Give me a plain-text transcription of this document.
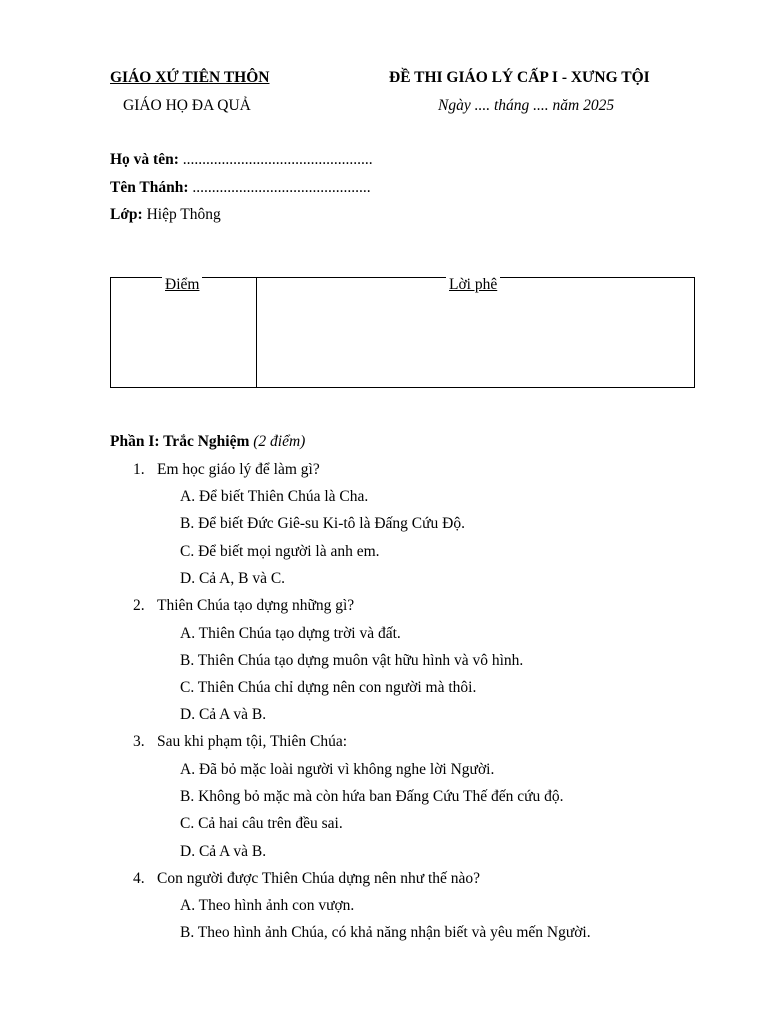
GIÁO XỨ TIÊN THÔN
GIÁO HỌ ĐA QUẢ
ĐỀ THI GIÁO LÝ CẤP I - XƯNG TỘI
Ngày .... tháng .... năm 2025
Họ và tên: .................................................
Tên Thánh: ..............................................
Lớp: Hiệp Thông
Điểm	Lời phê
Phần I: Trắc Nghiệm (2 điểm)
1. Em học giáo lý để làm gì?
A. Để biết Thiên Chúa là Cha.
B. Để biết Đức Giê-su Ki-tô là Đấng Cứu Độ.
C. Để biết mọi người là anh em.
D. Cả A, B và C.
2. Thiên Chúa tạo dựng những gì?
A. Thiên Chúa tạo dựng trời và đất.
B. Thiên Chúa tạo dựng muôn vật hữu hình và vô hình.
C. Thiên Chúa chỉ dựng nên con người mà thôi.
D. Cả A và B.
3. Sau khi phạm tội, Thiên Chúa:
A. Đã bỏ mặc loài người vì không nghe lời Người.
B. Không bỏ mặc mà còn hứa ban Đấng Cứu Thế đến cứu độ.
C. Cả hai câu trên đều sai.
D. Cả A và B.
4. Con người được Thiên Chúa dựng nên như thế nào?
A. Theo hình ảnh con vượn.
B. Theo hình ảnh Chúa, có khả năng nhận biết và yêu mến Người.
